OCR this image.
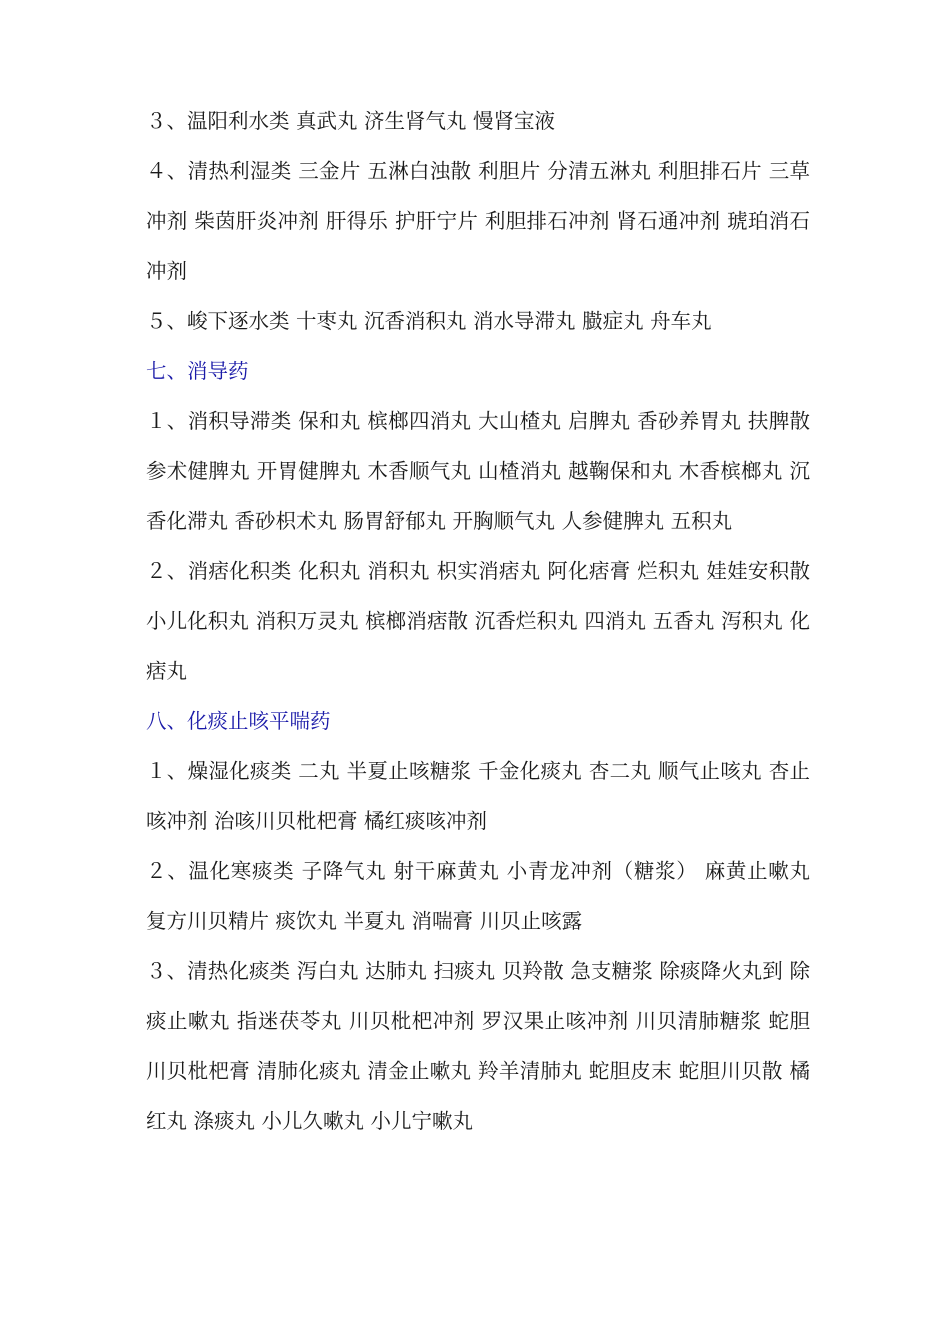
３、温阳利水类 真武丸 济生肾气丸 慢肾宝液

４、清热利湿类 三金片 五淋白浊散 利胆片 分清五淋丸 利胆排石片 三草冲剂 柴茵肝炎冲剂 肝得乐 护肝宁片 利胆排石冲剂 肾石通冲剂 琥珀消石冲剂

５、峻下逐水类 十枣丸 沉香消积丸 消水导滞丸 臌症丸 舟车丸

七、消导药

１、消积导滞类 保和丸 槟榔四消丸 大山楂丸 启脾丸 香砂养胃丸 扶脾散 参术健脾丸 开胃健脾丸 木香顺气丸 山楂消丸 越鞠保和丸 木香槟榔丸 沉香化滞丸 香砂枳术丸 肠胃舒郁丸 开胸顺气丸 人参健脾丸 五积丸

２、消痞化积类 化积丸 消积丸 枳实消痞丸 阿化痞膏 烂积丸 娃娃安积散 小儿化积丸 消积万灵丸 槟榔消痞散 沉香烂积丸 四消丸 五香丸 泻积丸 化痞丸

八、化痰止咳平喘药

１、燥湿化痰类 二丸 半夏止咳糖浆 千金化痰丸 杏二丸 顺气止咳丸 杏止咳冲剂 治咳川贝枇杷膏 橘红痰咳冲剂

２、温化寒痰类 子降气丸 射干麻黄丸 小青龙冲剂（糖浆） 麻黄止嗽丸 复方川贝精片 痰饮丸 半夏丸 消喘膏 川贝止咳露

３、清热化痰类 泻白丸 达肺丸 扫痰丸 贝羚散 急支糖浆 除痰降火丸到 除痰止嗽丸 指迷茯苓丸 川贝枇杷冲剂 罗汉果止咳冲剂 川贝清肺糖浆 蛇胆川贝枇杷膏 清肺化痰丸 清金止嗽丸 羚羊清肺丸 蛇胆皮末 蛇胆川贝散 橘红丸 涤痰丸 小儿久嗽丸 小儿宁嗽丸
